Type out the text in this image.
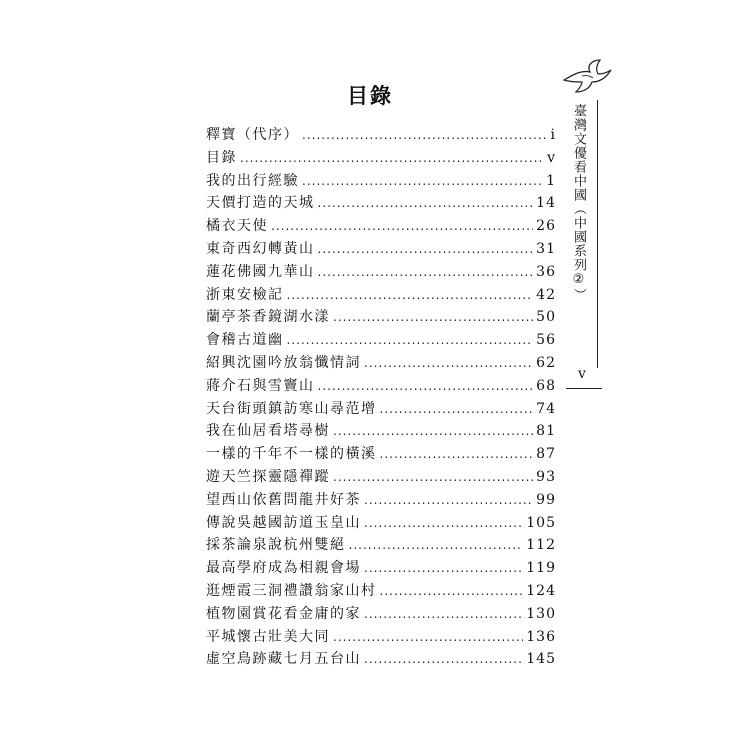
目錄
釋寶（代序） .....	i
目錄 .....	v
我的出行經驗 .....	1
天價打造的天城 .....	14
橘衣天使 .....	26
東奇西幻轉黃山 .....	31
蓮花佛國九華山 .....	36
浙東安檢記 .....	42
蘭亭茶香鏡湖水漾 .....	50
會稽古道幽 .....	56
紹興沈園吟放翁懺情詞 .....	62
蔣介石與雪竇山 .....	68
天台街頭鎮訪寒山尋范增 .....	74
我在仙居看塔尋樹 .....	81
一樣的千年不一樣的橫溪 .....	87
遊天竺探靈隱禪蹤 .....	93
望西山依舊問龍井好茶 .....	99
傳說吳越國訪道玉皇山 .....	105
採茶論泉說杭州雙絕 .....	112
最高學府成為相親會場 .....	119
逛煙霞三洞禮讚翁家山村 .....	124
植物園賞花看金庸的家 .....	130
平城懷古壯美大同 .....	136
虛空鳥跡藏七月五台山 .....	145
臺灣文優看中國（中國系列②）
v
